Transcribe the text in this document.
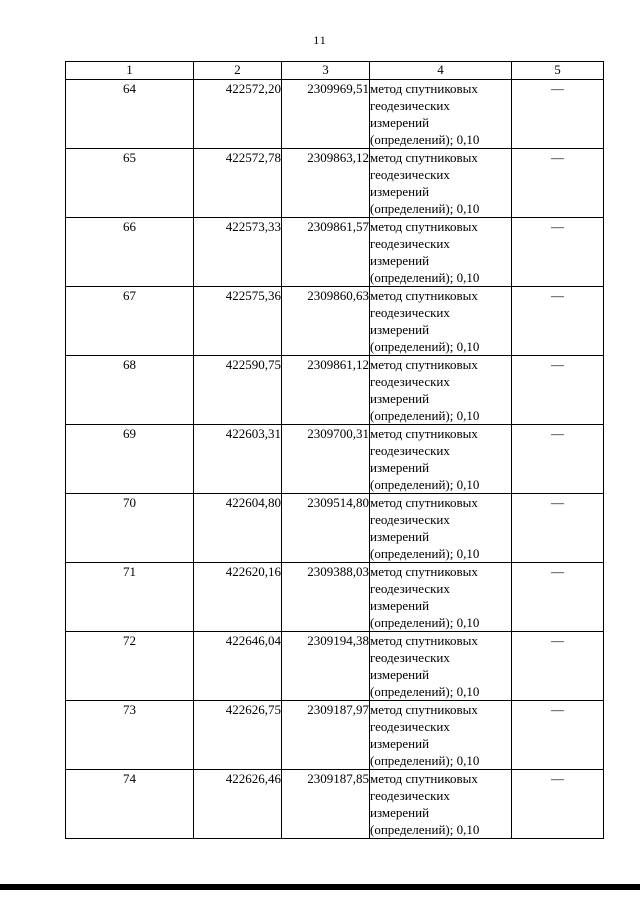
11
1	2	3	4	5
64	422572,20	2309969,51	метод спутниковых
геодезических
измерений
(определений); 0,10	—
65	422572,78	2309863,12	метод спутниковых
геодезических
измерений
(определений); 0,10	—
66	422573,33	2309861,57	метод спутниковых
геодезических
измерений
(определений); 0,10	—
67	422575,36	2309860,63	метод спутниковых
геодезических
измерений
(определений); 0,10	—
68	422590,75	2309861,12	метод спутниковых
геодезических
измерений
(определений); 0,10	—
69	422603,31	2309700,31	метод спутниковых
геодезических
измерений
(определений); 0,10	—
70	422604,80	2309514,80	метод спутниковых
геодезических
измерений
(определений); 0,10	—
71	422620,16	2309388,03	метод спутниковых
геодезических
измерений
(определений); 0,10	—
72	422646,04	2309194,38	метод спутниковых
геодезических
измерений
(определений); 0,10	—
73	422626,75	2309187,97	метод спутниковых
геодезических
измерений
(определений); 0,10	—
74	422626,46	2309187,85	метод спутниковых
геодезических
измерений
(определений); 0,10	—
